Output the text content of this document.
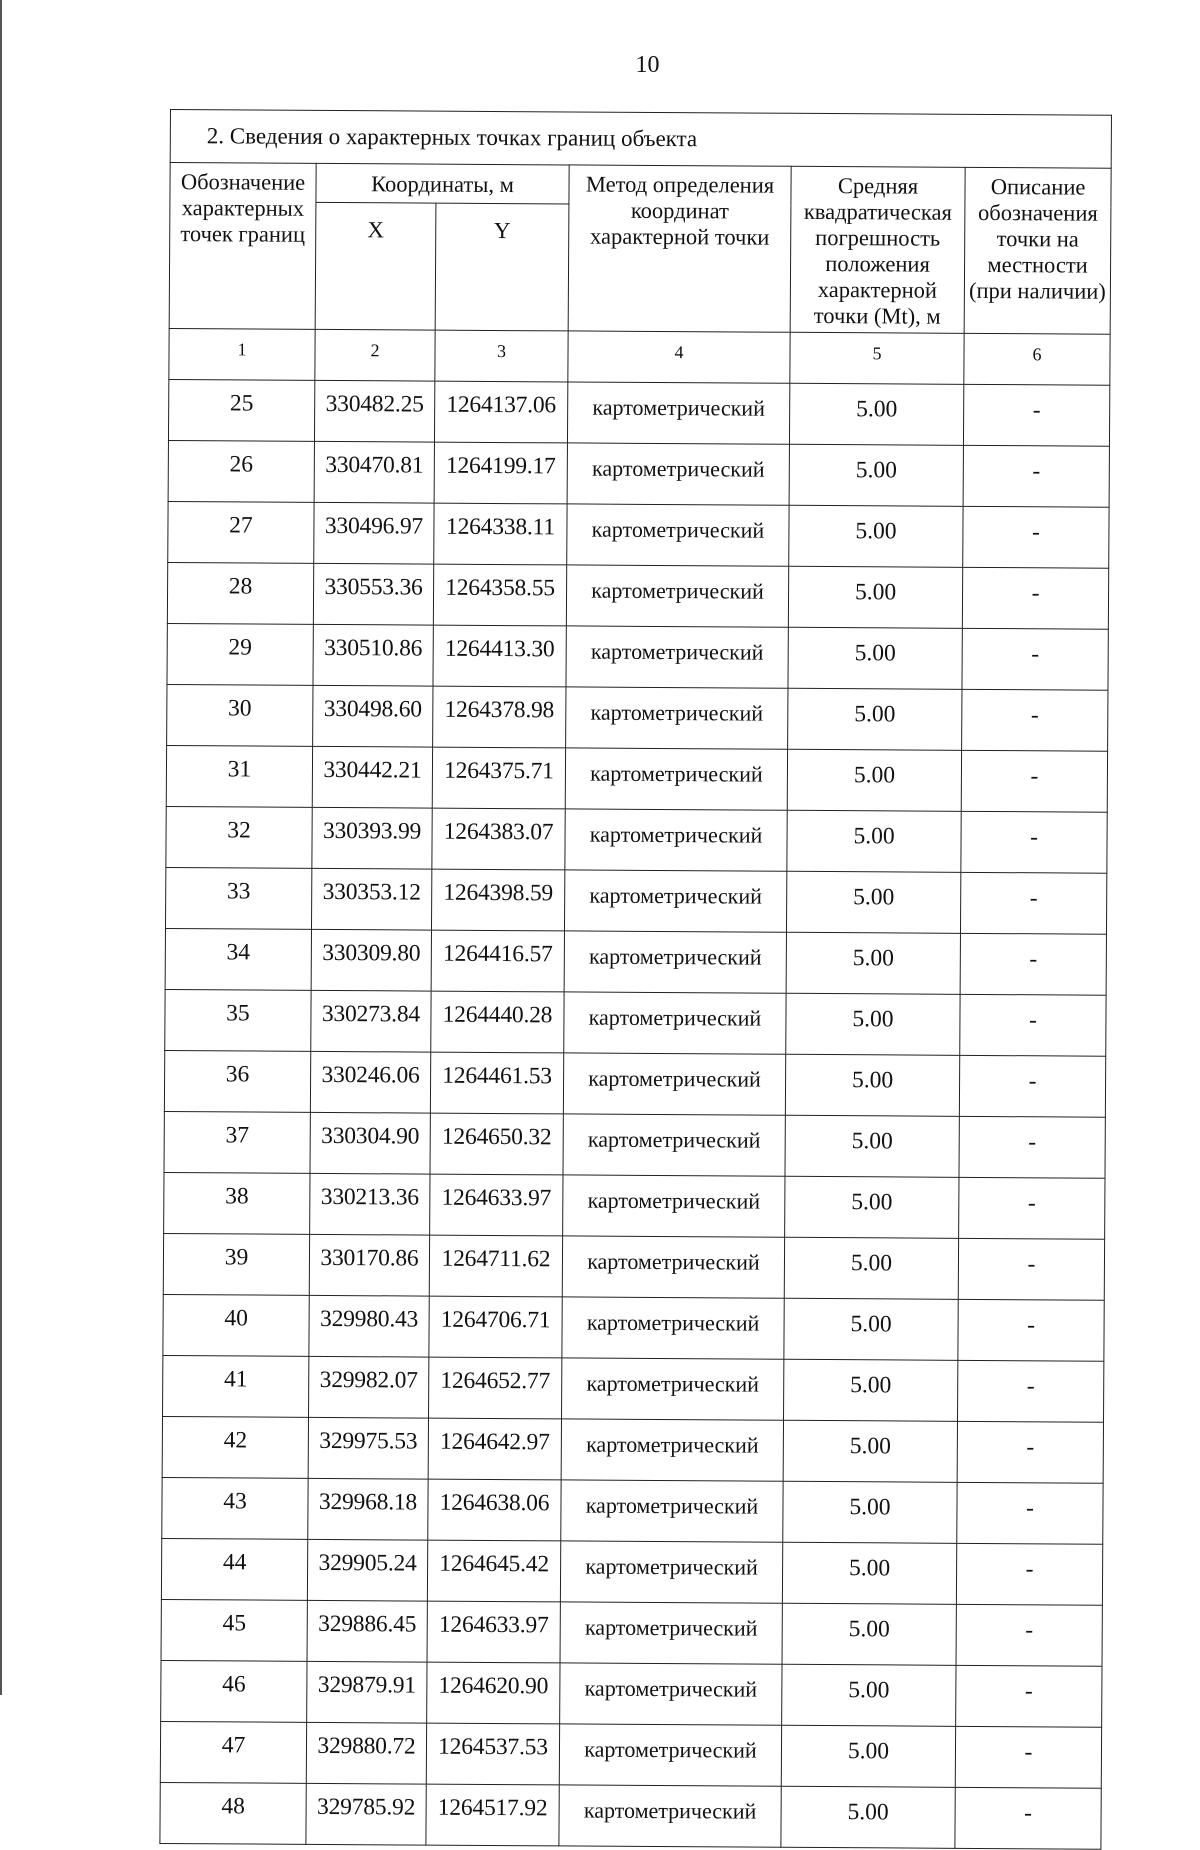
10
2. Сведения о характерных точках границ объекта					
Обозначение характерных точек границ	Координаты, м		Метод определения координат характерной точки	Средняя квадратическая погрешность положения характерной точки (Mt), м	Описание обозначения точки на местности (при наличии)
	X	Y			
1	2	3	4	5	6
25	330482.25	1264137.06	картометрический	5.00	-
26	330470.81	1264199.17	картометрический	5.00	-
27	330496.97	1264338.11	картометрический	5.00	-
28	330553.36	1264358.55	картометрический	5.00	-
29	330510.86	1264413.30	картометрический	5.00	-
30	330498.60	1264378.98	картометрический	5.00	-
31	330442.21	1264375.71	картометрический	5.00	-
32	330393.99	1264383.07	картометрический	5.00	-
33	330353.12	1264398.59	картометрический	5.00	-
34	330309.80	1264416.57	картометрический	5.00	-
35	330273.84	1264440.28	картометрический	5.00	-
36	330246.06	1264461.53	картометрический	5.00	-
37	330304.90	1264650.32	картометрический	5.00	-
38	330213.36	1264633.97	картометрический	5.00	-
39	330170.86	1264711.62	картометрический	5.00	-
40	329980.43	1264706.71	картометрический	5.00	-
41	329982.07	1264652.77	картометрический	5.00	-
42	329975.53	1264642.97	картометрический	5.00	-
43	329968.18	1264638.06	картометрический	5.00	-
44	329905.24	1264645.42	картометрический	5.00	-
45	329886.45	1264633.97	картометрический	5.00	-
46	329879.91	1264620.90	картометрический	5.00	-
47	329880.72	1264537.53	картометрический	5.00	-
48	329785.92	1264517.92	картометрический	5.00	-
